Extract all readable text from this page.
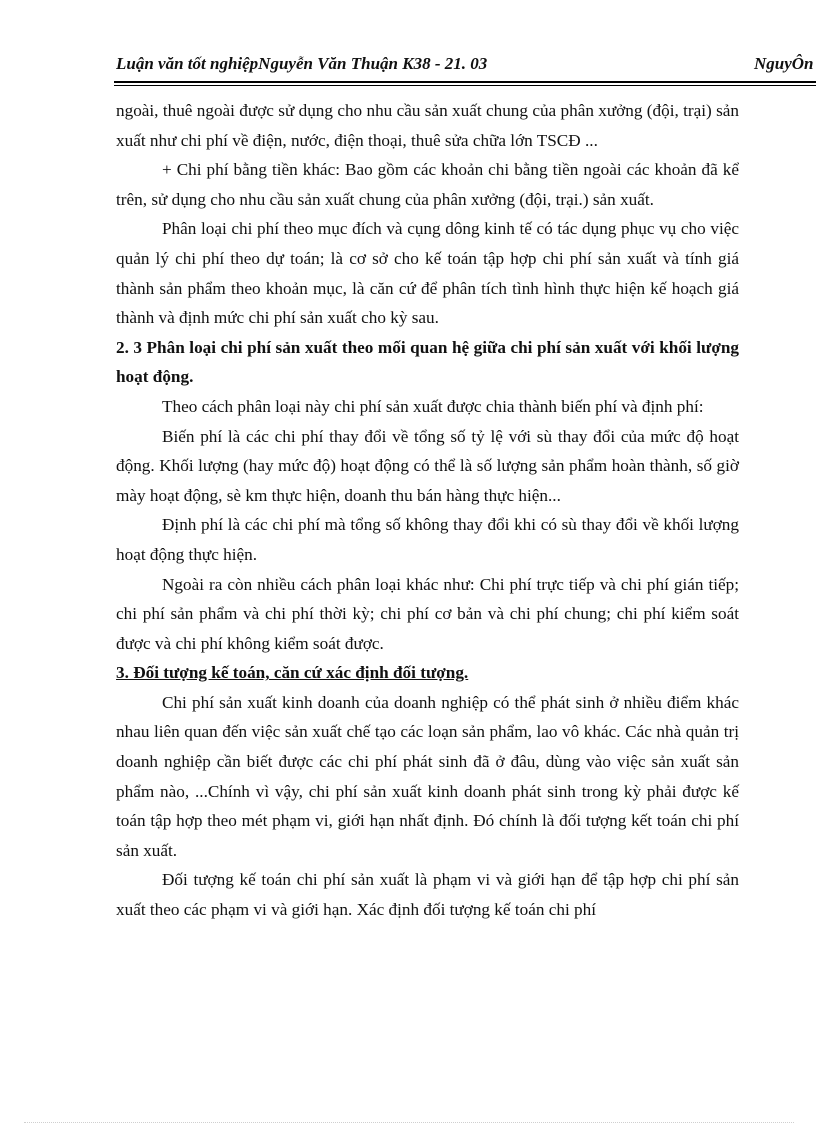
Luận văn tốt nghiệpNguyễn Văn Thuận K38 - 21. 03	NguyÔn

ngoài, thuê ngoài được sử dụng cho nhu cầu sản xuất chung của phân xưởng (đội, trại) sản xuất như chi phí về điện, nước, điện thoại, thuê sửa chữa lớn TSCĐ ...

+ Chi phí bằng tiền khác: Bao gồm các khoản chi bằng tiền ngoài các khoản đã kể trên, sử dụng cho nhu cầu sản xuất chung của phân xưởng (đội, trại.) sản xuất.

Phân loại chi phí theo mục đích và cụng dông kinh tế có tác dụng phục vụ cho việc quản lý chi phí theo dự toán; là cơ sở cho kế toán tập hợp chi phí sản xuất và tính giá thành sản phẩm theo khoản mục, là căn cứ để phân tích tình hình thực hiện kế hoạch giá thành và định mức chi phí sản xuất cho kỳ sau.

2. 3 Phân loại chi phí sản xuất theo mối quan hệ giữa chi phí sản xuất với khối lượng hoạt động.

Theo cách phân loại này chi phí sản xuất được chia thành biến phí và định phí:

Biến phí là các chi phí thay đổi về tổng số tỷ lệ với sù thay đổi của mức độ hoạt động. Khối lượng (hay mức độ) hoạt động có thể là số lượng sản phẩm hoàn thành, số giờ mày hoạt động, sè km thực hiện, doanh thu bán hàng thực hiện...

Định phí là các chi phí mà tổng số không thay đổi khi có sù thay đổi về khối lượng hoạt động thực hiện.

Ngoài ra còn nhiều cách phân loại khác như: Chi phí trực tiếp và chi phí gián tiếp; chi phí sản phẩm và chi phí thời kỳ; chi phí cơ bản và chi phí chung; chi phí kiểm soát được và chi phí không kiểm soát được.

3. Đối tượng kế toán, căn cứ xác định đối tượng.

Chi phí sản xuất kinh doanh của doanh nghiệp có thể phát sinh ở nhiều điểm khác nhau liên quan đến việc sản xuất chế tạo các loạn sản phẩm, lao vô khác. Các nhà quản trị doanh nghiệp cần biết được các chi phí phát sinh đã ở đâu, dùng vào việc sản xuất sản phẩm nào, ...Chính vì vậy, chi phí sản xuất kinh doanh phát sinh trong kỳ phải được kế toán tập hợp theo mét phạm vi, giới hạn nhất định. Đó chính là đối tượng kết toán chi phí sản xuất.

Đối tượng kế toán chi phí sản xuất là phạm vi và giới hạn để tập hợp chi phí sản xuất theo các phạm vi và giới hạn. Xác định đối tượng kế toán chi phí
